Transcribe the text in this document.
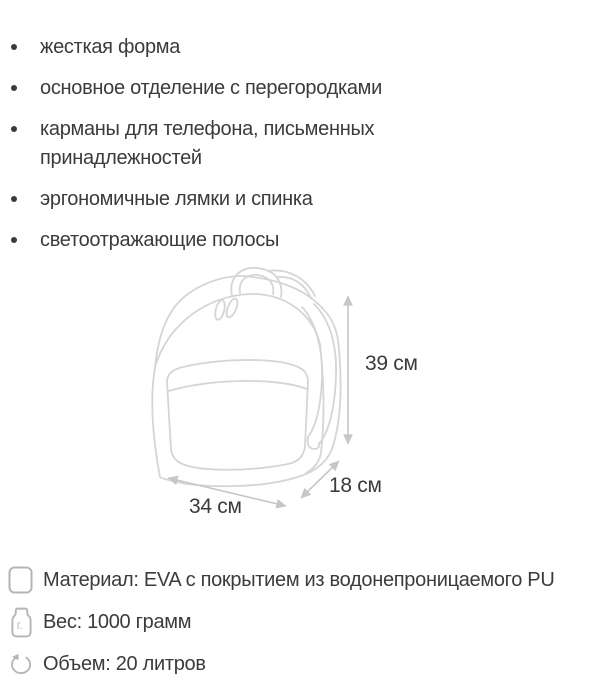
жесткая форма
основное отделение с перегородками
карманы для телефона, письменных принадлежностей
эргономичные лямки и спинка
светоотражающие полосы
39 см
34 см
18 см
Материал: EVA с покрытием из водонепроницаемого PU
г. Вес: 1000 грамм
Объем: 20 литров
